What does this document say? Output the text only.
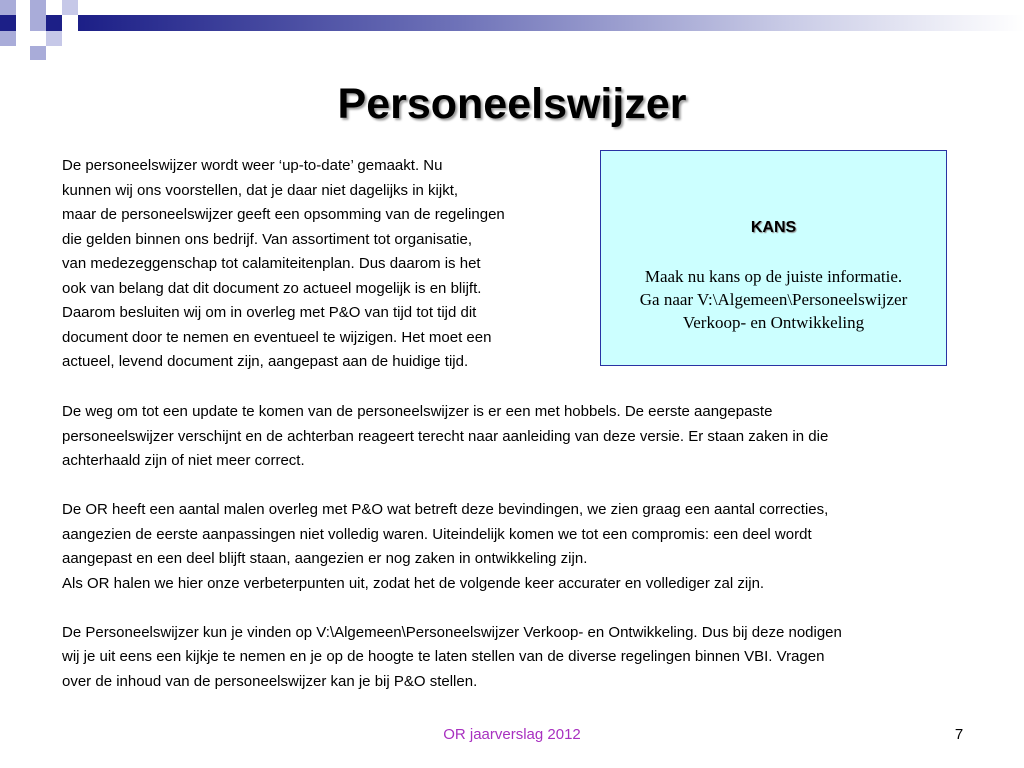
Personeelswijzer

De personeelswijzer wordt weer ‘up-to-date’ gemaakt. Nu

kunnen wij ons voorstellen, dat je daar niet dagelijks in kijkt,

maar de personeelswijzer geeft een opsomming van de regelingen

die gelden binnen ons bedrijf. Van assortiment tot organisatie,

van medezeggenschap tot calamiteitenplan. Dus daarom is het

ook van belang dat dit document zo actueel mogelijk is en blijft.

Daarom besluiten wij om in overleg met P&O van tijd tot tijd dit

document door te nemen en eventueel te wijzigen. Het moet een

actueel, levend document zijn, aangepast aan de huidige tijd.

KANS
Maak nu kans op de juiste informatie.
Ga naar V:\Algemeen\Personeelswijzer
Verkoop- en Ontwikkeling

De weg om tot een update te komen van de personeelswijzer is er een met hobbels. De eerste aangepaste

personeelswijzer verschijnt en de achterban reageert terecht naar aanleiding van deze versie. Er staan zaken in die

achterhaald zijn of niet meer correct.

De OR heeft een aantal malen overleg met P&O wat betreft deze bevindingen, we zien graag een aantal correcties,

aangezien de eerste aanpassingen niet volledig waren. Uiteindelijk komen we tot een compromis: een deel wordt

aangepast en een deel blijft staan, aangezien er nog zaken in ontwikkeling zijn.

Als OR halen we hier onze verbeterpunten uit, zodat het de volgende keer accurater en vollediger zal zijn.

De Personeelswijzer kun je vinden op V:\Algemeen\Personeelswijzer Verkoop- en Ontwikkeling. Dus bij deze nodigen

wij je uit eens een kijkje te nemen en je op de hoogte te laten stellen van de diverse regelingen binnen VBI. Vragen

over de inhoud van de personeelswijzer kan je bij P&O stellen.

OR jaarverslag 2012	7
